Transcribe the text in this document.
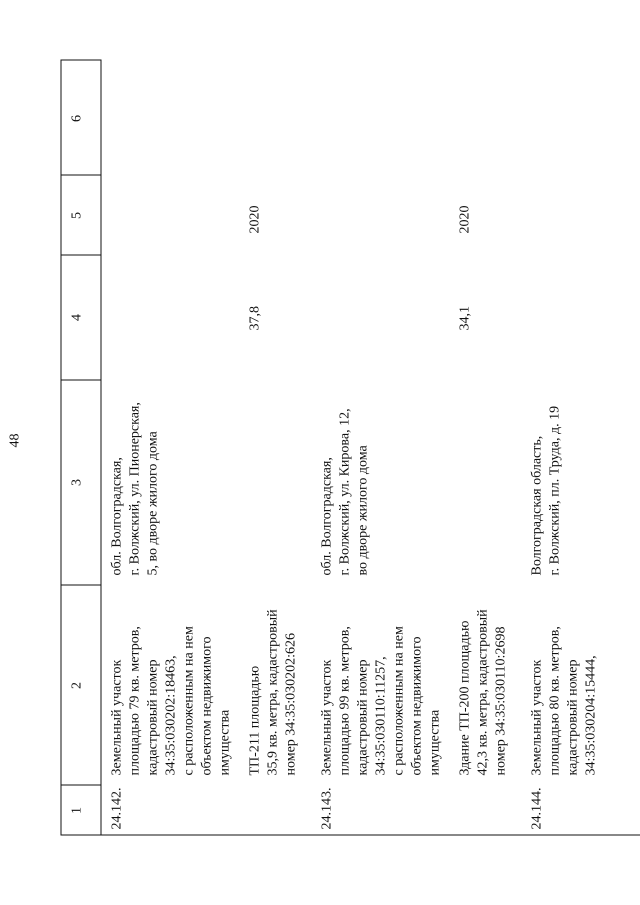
48
1
2
3
4
5
6
24.142.
Земельный участок площадью 79 кв. метров, кадастровый номер 34:35:030202:18463, с расположенным на нем объектом недвижимого имущества ТП-211 площадью 35,9 кв. метра, кадастровый номер 34:35:030202:626
обл. Волгоградская, г. Волжский, ул. Пионерская, 5, во дворе жилого дома
37,8
2020
24.143.
Земельный участок площадью 99 кв. метров, кадастровый номер 34:35:030110:11257, с расположенным на нем объектом недвижимого имущества Здание ТП-200 площадью 42,3 кв. метра, кадастровый номер 34:35:030110:2698
обл. Волгоградская, г. Волжский, ул. Кирова, 12, во дворе жилого дома
34,1
2020
24.144.
Земельный участок площадью 80 кв. метров, кадастровый номер 34:35:030204:15444,
Волгоградская область, г. Волжский, пл. Труда, д. 19
